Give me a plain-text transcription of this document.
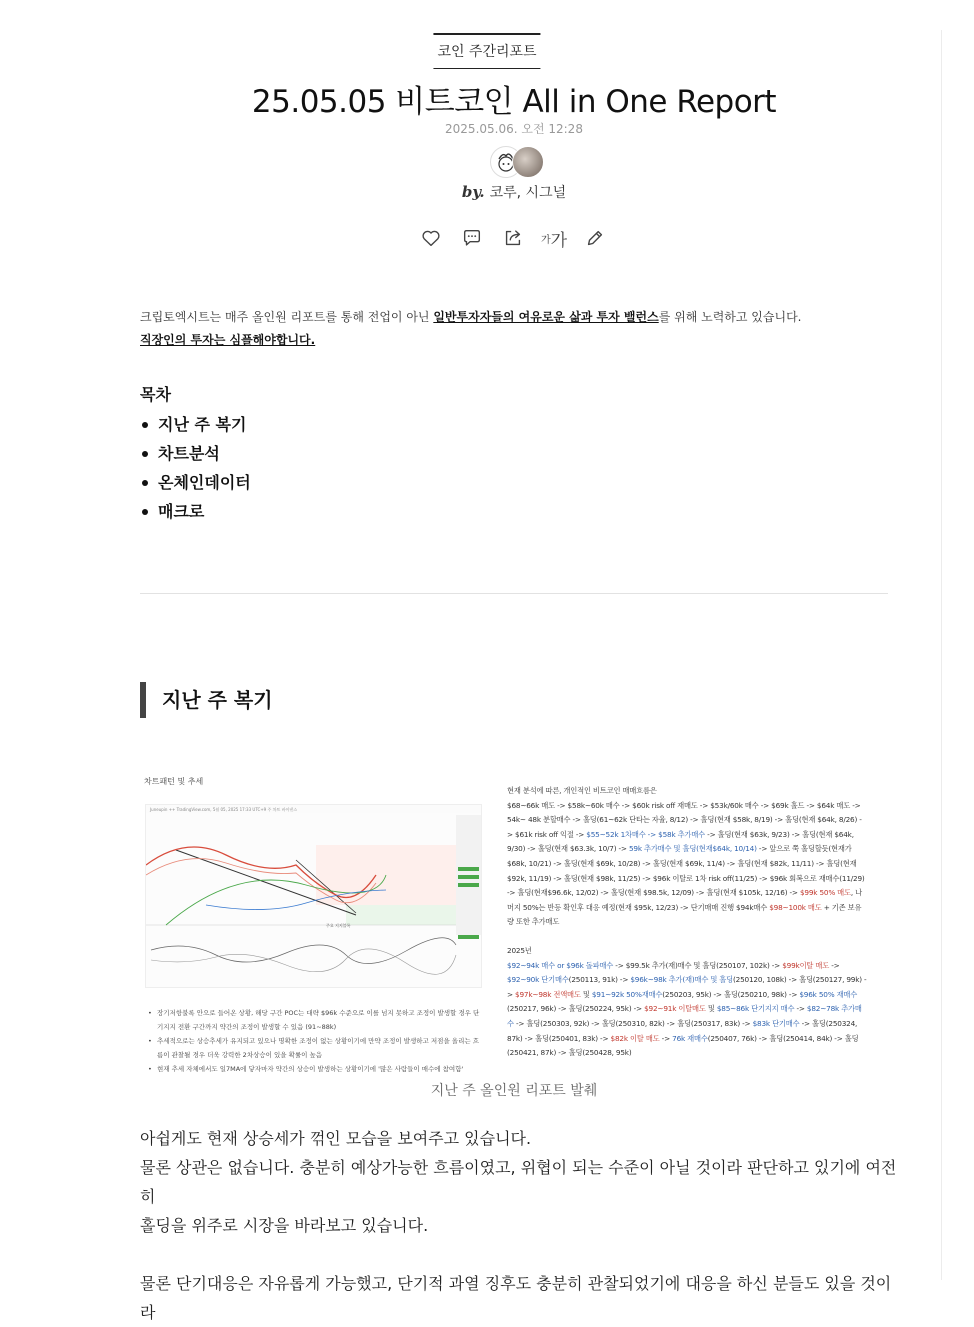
코인 주간리포트
25.05.05 비트코인 All in One Report
2025.05.06. 오전 12:28
by. 코루, 시그널
가 가
크립토엑시트는 매주 올인원 리포트를 통해 전업이 아닌 일반투자자들의 여유로운 삶과 투자 밸런스를 위해 노력하고 있습니다.
직장인의 투자는 심플해야합니다.
목차
지난 주 복기
차트분석
온체인데이터
매크로
지난 주 복기
차트패턴 및 추세
Juneupin ++ TradingView.com, 5월 05, 2025 17:33 UTC+9 주 차트 바이낸스
주요 지지블록
• 장기저항불록 안으로 들어온 상황, 해당 구간 POC는 대략 $96k 수준으로 이를 넘지 못하고 조정이 발생할 경우 단기지지 전환 구간까지 약간의 조정이 발생할 수 있음 (91~88k)
• 추세적으로는 상승추세가 유지되고 있으나 명확한 조정이 없는 상황이기에 만약 조정이 발생하고 저점을 올리는 흐름이 관찰될 경우 더욱 강력한 2차상승이 있을 확률이 높음
• 현재 추세 자체에서도 일7MA에 닿자마자 약간의 상승이 발생하는 상황이기에 '많은 사람들이 매수에 참여함'
현재 분석에 따른, 개인적인 비트코인 매매흐름은
$68~66k 매도 -> $58k~60k 매수 -> $60k risk off 재매도 -> $53k/60k 매수 -> $69k 홀드 -> $64k 매도 -> 54k~ 48k 분할매수 -> 홀딩(61~62k 단타는 자율, 8/12) -> 홀딩(현재 $58k, 8/19) -> 홀딩(현재 $64k, 8/26) -> $61k risk off 익절 -> $55~52k 1차매수 -> $58k 추가매수 -> 홀딩(현재 $63k, 9/23) -> 홀딩(현재 $64k, 9/30) -> 홀딩(현재 $63.3k, 10/7) -> 59k 추가매수 및 홀딩(현재$64k, 10/14) -> 앞으로 쭉 홀딩할듯(현재가 $68k, 10/21) -> 홀딩(현재 $69k, 10/28) -> 홀딩(현재 $69k, 11/4) -> 홀딩(현재 $82k, 11/11) -> 홀딩(현재 $92k, 11/19) -> 홀딩(현재 $98k, 11/25) -> $96k 이탈로 1차 risk off(11/25) -> $96k 회복으로 재매수(11/29) -> 홀딩(현재$96.6k, 12/02) -> 홀딩(현재 $98.5k, 12/09) -> 홀딩(현재 $105k, 12/16) -> $99k 50% 매도, 나머지 50%는 반등 확인후 대응 예정(현재 $95k, 12/23) -> 단기매매 진행 $94k매수 $98~100k 매도 + 기존 보유량 또한 추가매도
2025년
$92~94k 매수 or $96k 돌파매수 -> $99.5k 추가(재)매수 및 홀딩(250107, 102k) -> $99k이탈 매도 -> $92~90k 단기매수(250113, 91k) -> $96k~98k 추가(재)매수 및 홀딩(250120, 108k) -> 홀딩(250127, 99k) -> $97k~98k 전액매도 및 $91~92k 50%재매수(250203, 95k) -> 홀딩(250210, 98k) -> $96k 50% 재매수(250217, 96k) -> 홀딩(250224, 95k) -> $92~91k 이탈매도 및 $85~86k 단기지지 매수 -> $82~78k 추가매수 -> 홀딩(250303, 92k) -> 홀딩(250310, 82k) -> 홀딩(250317, 83k) -> $83k 단기매수 -> 홀딩(250324, 87k) -> 홀딩(250401, 83k) -> $82k 이탈 매도 -> 76k 재매수(250407, 76k) -> 홀딩(250414, 84k) -> 홀딩(250421, 87k) -> 홀딩(250428, 95k)
지난 주 올인원 리포트 발췌

아쉽게도 현재 상승세가 꺾인 모습을 보여주고 있습니다.

물론 상관은 없습니다. 충분히 예상가능한 흐름이였고, 위협이 되는 수준이 아닐 것이라 판단하고 있기에 여전히

홀딩을 위주로 시장을 바라보고 있습니다.

물론 단기대응은 자유롭게 가능했고, 단기적 과열 징후도 충분히 관찰되었기에 대응을 하신 분들도 있을 것이라
